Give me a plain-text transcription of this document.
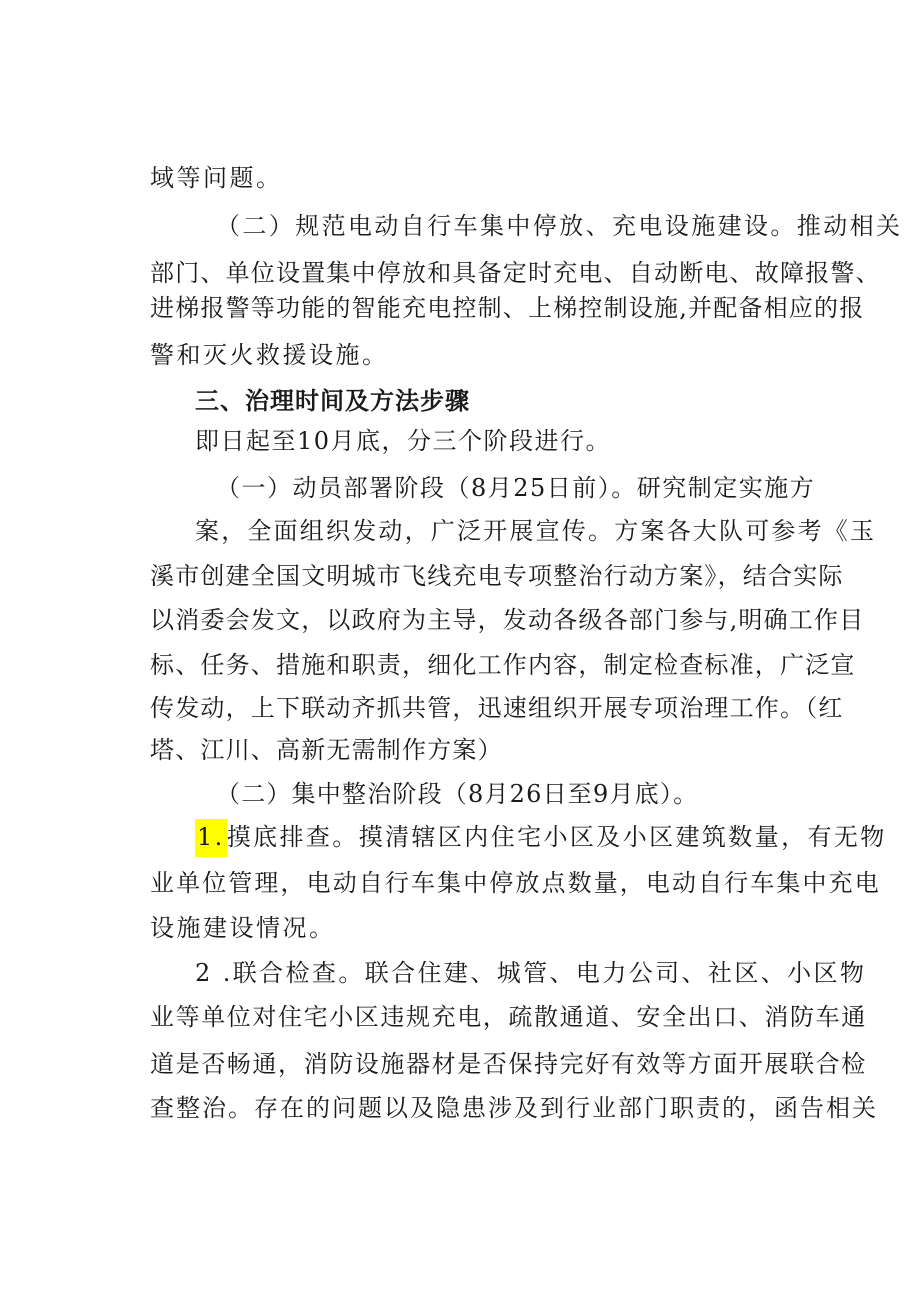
域等问题。
（二）规范电动自行车集中停放、充电设施建设。推动相关
部门、单位设置集中停放和具备定时充电、自动断电、故障报警、
进梯报警等功能的智能充电控制、上梯控制设施,并配备相应的报
警和灭火救援设施。
三、治理时间及方法步骤
即日起至10月底，分三个阶段进行。
（一）动员部署阶段（8月25日前）。研究制定实施方
案，全面组织发动，广泛开展宣传。方案各大队可参考《玉
溪市创建全国文明城市飞线充电专项整治行动方案》，结合实际
以消委会发文，以政府为主导，发动各级各部门参与,明确工作目
标、任务、措施和职责，细化工作内容，制定检查标准，广泛宣
传发动，上下联动齐抓共管，迅速组织开展专项治理工作。（红
塔、江川、高新无需制作方案）
（二）集中整治阶段（8月26日至9月底）。
1.摸底排查。摸清辖区内住宅小区及小区建筑数量，有无物
业单位管理，电动自行车集中停放点数量，电动自行车集中充电
设施建设情况。
2 .联合检查。联合住建、城管、电力公司、社区、小区物
业等单位对住宅小区违规充电，疏散通道、安全出口、消防车通
道是否畅通，消防设施器材是否保持完好有效等方面开展联合检
查整治。存在的问题以及隐患涉及到行业部门职责的，函告相关
